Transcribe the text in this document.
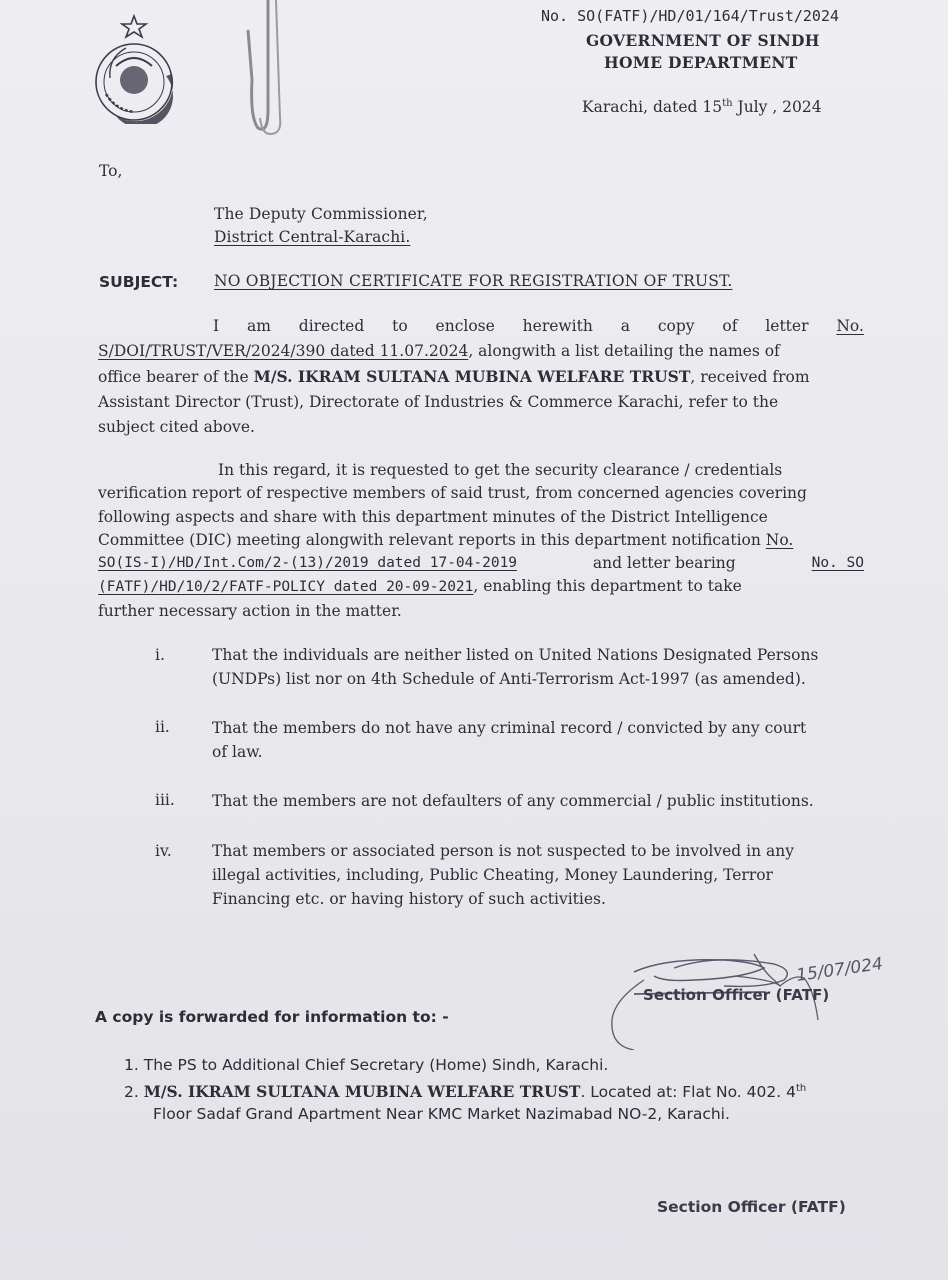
No. SO(FATF)/HD/01/164/Trust/2024
GOVERNMENT OF SINDH
HOME DEPARTMENT
Karachi, dated 15th July , 2024
To,
The Deputy Commissioner,
District Central-Karachi.
SUBJECT: NO OBJECTION CERTIFICATE FOR REGISTRATION OF TRUST.
I am directed to enclose herewith a copy of letter No.
S/DOI/TRUST/VER/2024/390 dated 11.07.2024, alongwith a list detailing the names of
office bearer of the M/S. IKRAM SULTANA MUBINA WELFARE TRUST, received from
Assistant Director (Trust), Directorate of Industries & Commerce Karachi, refer to the
subject cited above.
In this regard, it is requested to get the security clearance / credentials
verification report of respective members of said trust, from concerned agencies covering
following aspects and share with this department minutes of the District Intelligence
Committee (DIC) meeting alongwith relevant reports in this department notification No.
SO(IS-I)/HD/Int.Com/2-(13)/2019 dated 17-04-2019	and letter bearing	No. SO
(FATF)/HD/10/2/FATF-POLICY dated 20-09-2021, enabling this department to take
further necessary action in the matter.
i.	That the individuals are neither listed on United Nations Designated Persons
(UNDPs) list nor on 4th Schedule of Anti-Terrorism Act-1997 (as amended).
ii.	That the members do not have any criminal record / convicted by any court
of law.
iii. That the members are not defaulters of any commercial / public institutions.
iv.	That members or associated person is not suspected to be involved in any
illegal activities, including, Public Cheating, Money Laundering, Terror
Financing etc. or having history of such activities.
Section Officer (FATF)
15/07/024
A copy is forwarded for information to: -
1. The PS to Additional Chief Secretary (Home) Sindh, Karachi.
2. M/S. IKRAM SULTANA MUBINA WELFARE TRUST. Located at: Flat No. 402. 4th
Floor Sadaf Grand Apartment Near KMC Market Nazimabad NO-2, Karachi.
Section Officer (FATF)
